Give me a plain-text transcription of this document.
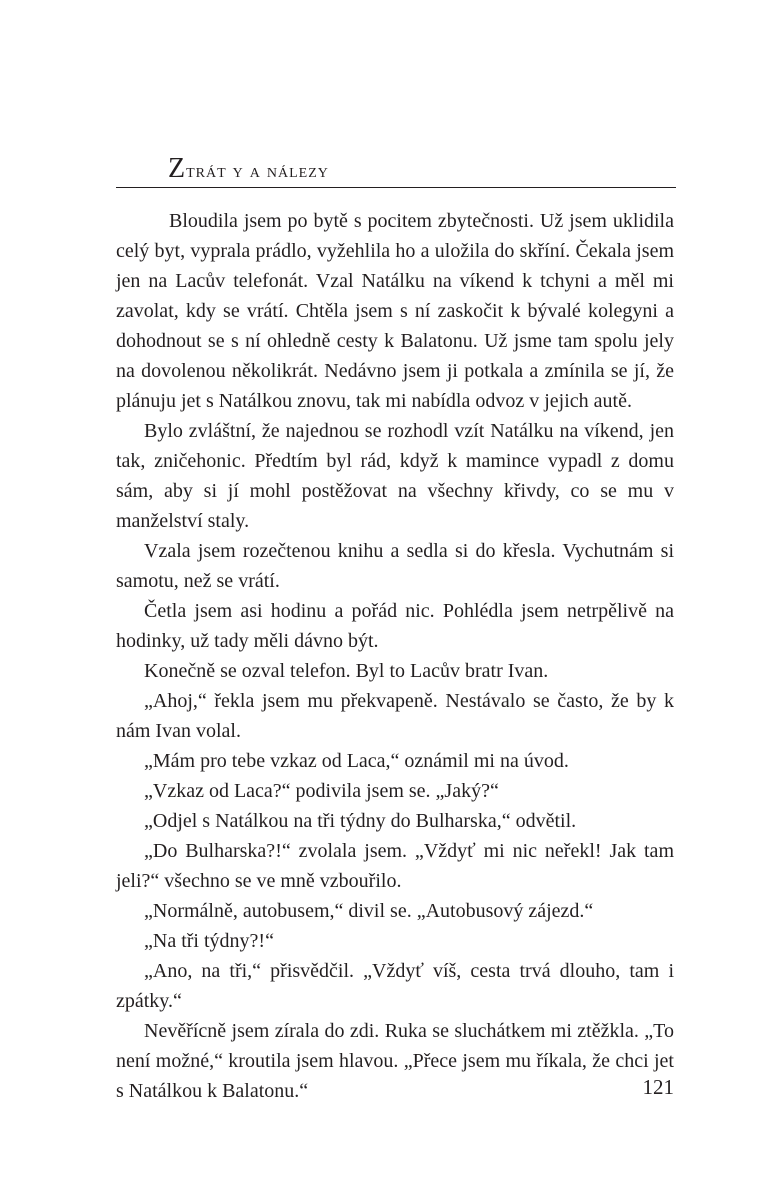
Ztrát y a nálezy

Bloudila jsem po bytě s pocitem zbytečnosti. Už jsem uklidila celý byt, vyprala prádlo, vyžehlila ho a uložila do skříní. Čekala jsem jen na Lacův telefonát. Vzal Natálku na víkend k tchyni a měl mi zavolat, kdy se vrátí. Chtěla jsem s ní zaskočit k bývalé kolegyni a dohodnout se s ní ohledně cesty k Balatonu. Už jsme tam spolu jely na dovolenou několikrát. Nedávno jsem ji potkala a zmínila se jí, že plánuju jet s Natálkou znovu, tak mi nabídla odvoz v jejich autě.

Bylo zvláštní, že najednou se rozhodl vzít Natálku na víkend, jen tak, zničehonic. Předtím byl rád, když k mamince vypadl z domu sám, aby si jí mohl postěžovat na všechny křivdy, co se mu v manželství staly.

Vzala jsem rozečtenou knihu a sedla si do křesla. Vychutnám si samotu, než se vrátí.

Četla jsem asi hodinu a pořád nic. Pohlédla jsem netrpělivě na hodinky, už tady měli dávno být.

Konečně se ozval telefon. Byl to Lacův bratr Ivan.

„Ahoj,“ řekla jsem mu překvapeně. Nestávalo se často, že by k nám Ivan volal.

„Mám pro tebe vzkaz od Laca,“ oznámil mi na úvod.

„Vzkaz od Laca?“ podivila jsem se. „Jaký?“

„Odjel s Natálkou na tři týdny do Bulharska,“ odvětil.

„Do Bulharska?!“ zvolala jsem. „Vždyť mi nic neřekl! Jak tam jeli?“ všechno se ve mně vzbouřilo.

„Normálně, autobusem,“ divil se. „Autobusový zájezd.“

„Na tři týdny?!“

„Ano, na tři,“ přisvědčil. „Vždyť víš, cesta trvá dlouho, tam i zpátky.“

Nevěřícně jsem zírala do zdi. Ruka se sluchátkem mi ztěžkla. „To není možné,“ kroutila jsem hlavou. „Přece jsem mu říkala, že chci jet s Natálkou k Balatonu.“	121
